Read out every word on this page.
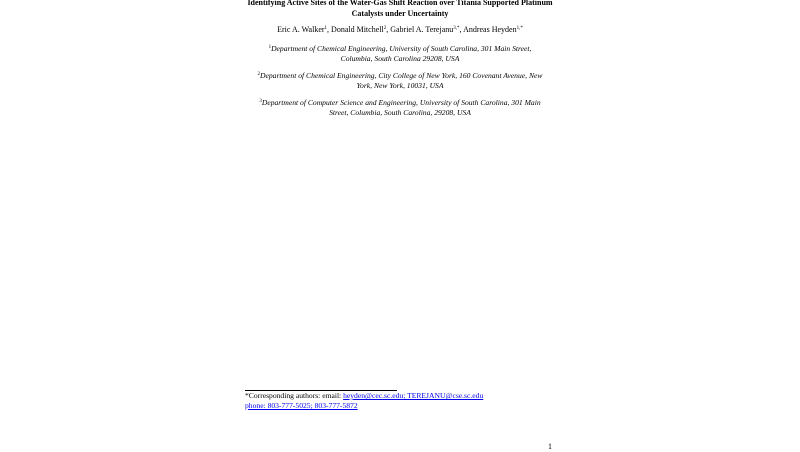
Identifying Active Sites of the Water-Gas Shift Reaction over Titania Supported Platinum
Catalysts under Uncertainty
Eric A. Walker$^1$, Donald Mitchell$^2$, Gabriel A. Terejanu$^{3,*}$, Andreas Heyden$^{1,*}$
$^1$Department of Chemical Engineering, University of South Carolina, 301 Main Street,
Columbia, South Carolina 29208, USA
$^2$Department of Chemical Engineering, City College of New York, 160 Covenant Avenue, New
York, New York, 10031, USA
$^3$Department of Computer Science and Engineering, University of South Carolina, 301 Main
Street, Columbia, South Carolina, 29208, USA
*Corresponding authors: email: heyden@cec.sc.edu; TEREJANU@cse.sc.edu
phone: 803-777-5025; 803-777-5872
1
